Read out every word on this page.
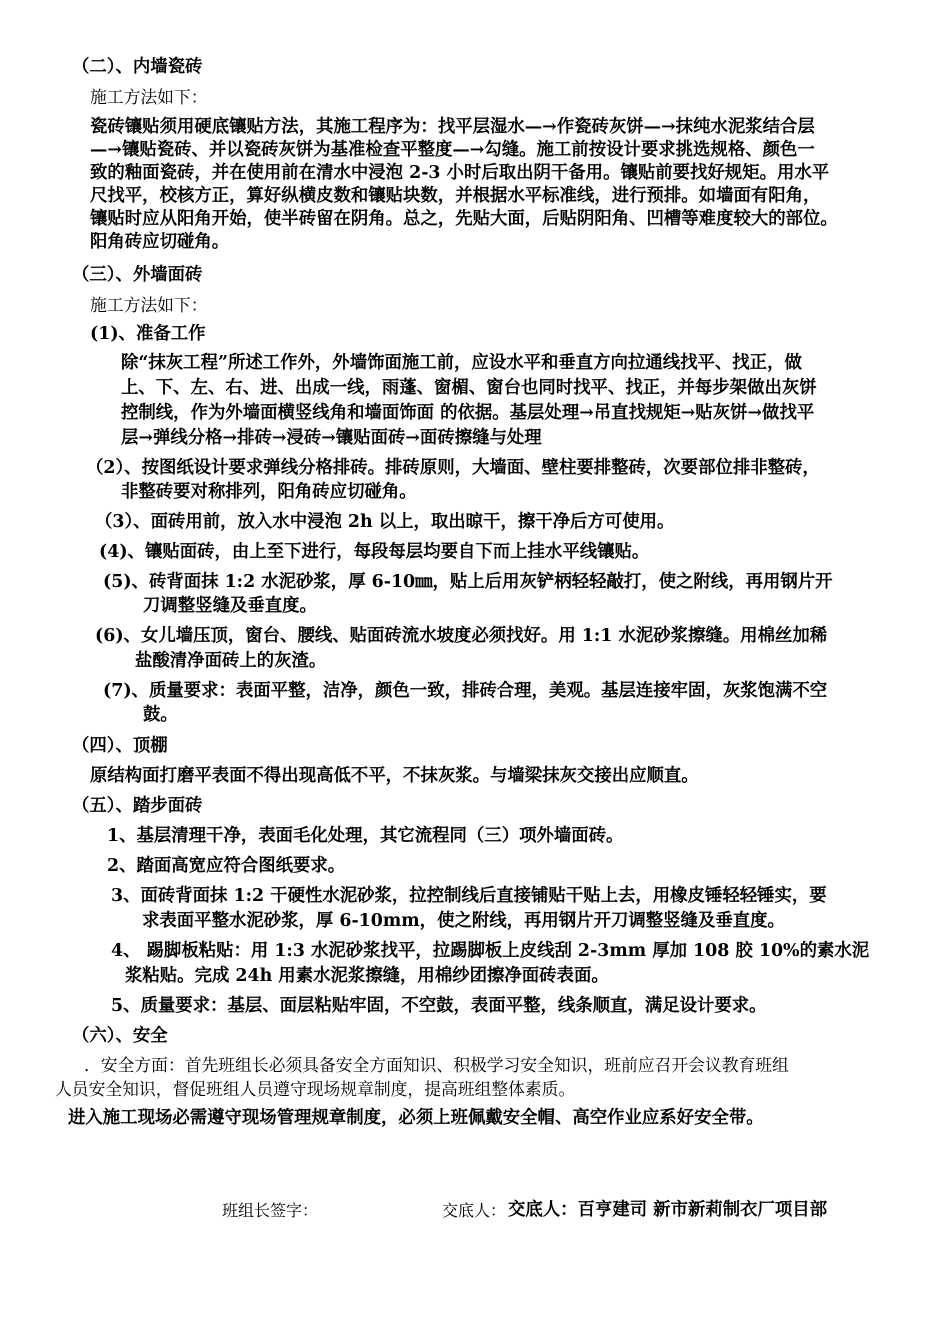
（二）、内墙瓷砖
施工方法如下：
瓷砖镶贴须用硬底镶贴方法，其施工程序为：找平层湿水—→作瓷砖灰饼—→抹纯水泥浆结合层
—→镶贴瓷砖、并以瓷砖灰饼为基准检查平整度—→勾缝。施工前按设计要求挑选规格、颜色一
致的釉面瓷砖，并在使用前在清水中浸泡 2-3 小时后取出阴干备用。镶贴前要找好规矩。用水平
尺找平，校核方正，算好纵横皮数和镶贴块数，并根据水平标准线，进行预排。如墙面有阳角，
镶贴时应从阳角开始，使半砖留在阴角。总之，先贴大面，后贴阴阳角、凹槽等难度较大的部位。
阳角砖应切碰角。
（三）、外墙面砖
施工方法如下：
(1)、准备工作
除“抹灰工程”所述工作外，外墙饰面施工前，应设水平和垂直方向拉通线找平、找正，做
上、下、左、右、进、出成一线，雨蓬、窗楣、窗台也同时找平、找正，并每步架做出灰饼
控制线，作为外墙面横竖线角和墙面饰面 的依据。基层处理→吊直找规矩→贴灰饼→做找平
层→弹线分格→排砖→浸砖→镶贴面砖→面砖擦缝与处理
（2）、按图纸设计要求弹线分格排砖。排砖原则，大墙面、壁柱要排整砖，次要部位排非整砖，
非整砖要对称排列，阳角砖应切碰角。
（3）、面砖用前，放入水中浸泡 2h 以上，取出晾干，擦干净后方可使用。
(4)、镶贴面砖，由上至下进行，每段每层均要自下而上挂水平线镶贴。
(5)、砖背面抹 1:2 水泥砂浆，厚 6-10㎜，贴上后用灰铲柄轻轻敲打，使之附线，再用钢片开
刀调整竖缝及垂直度。
(6)、女儿墙压顶，窗台、腰线、贴面砖流水坡度必须找好。用 1:1 水泥砂浆擦缝。用棉丝加稀
盐酸清净面砖上的灰渣。
(7)、质量要求：表面平整，洁净，颜色一致，排砖合理，美观。基层连接牢固，灰浆饱满不空
鼓。
（四）、顶棚
原结构面打磨平表面不得出现高低不平，不抹灰浆。与墙梁抹灰交接出应顺直。
（五）、踏步面砖
1、基层清理干净，表面毛化处理，其它流程同（三）项外墙面砖。
2、踏面高宽应符合图纸要求。
3、面砖背面抹 1:2 干硬性水泥砂浆，拉控制线后直接铺贴干贴上去，用橡皮锤轻轻锤实，要
求表面平整水泥砂浆，厚 6-10mm，使之附线，再用钢片开刀调整竖缝及垂直度。
4、 踢脚板粘贴：用 1:3 水泥砂浆找平，拉踢脚板上皮线刮 2-3mm 厚加 108 胶 10%的素水泥
浆粘贴。完成 24h 用素水泥浆擦缝，用棉纱团擦净面砖表面。
5、质量要求：基层、面层粘贴牢固，不空鼓，表面平整，线条顺直，满足设计要求。
（六）、安全
．安全方面：首先班组长必须具备安全方面知识、积极学习安全知识，班前应召开会议教育班组
人员安全知识，督促班组人员遵守现场规章制度，提高班组整体素质。
进入施工现场必需遵守现场管理规章制度，必须上班佩戴安全帽、高空作业应系好安全带。
班组长签字：	交底人： 交底人：百亨建司 新市新莉制衣厂项目部
